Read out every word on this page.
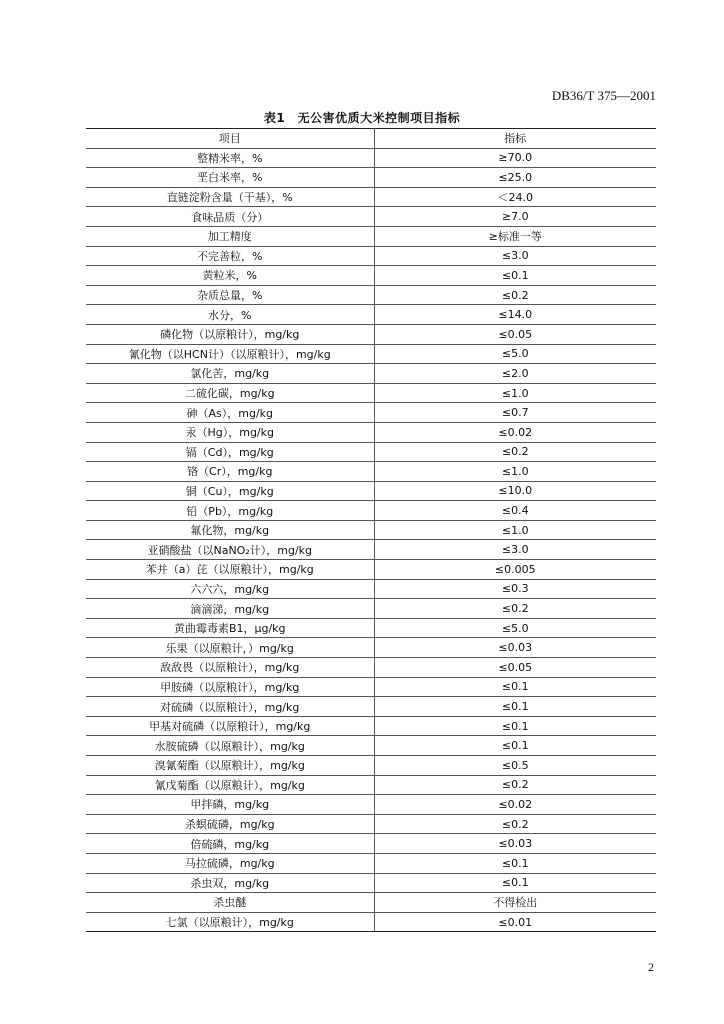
DB36/T 375—2001
表1　无公害优质大米控制项目指标
项目	指标
整精米率，%	≥70.0
垩白米率，%	≤25.0
直链淀粉含量（干基），%	＜24.0
食味品质（分）	≥7.0
加工精度	≥标准一等
不完善粒，%	≤3.0
黄粒米，%	≤0.1
杂质总量，%	≤0.2
水分，%	≤14.0
磷化物（以原粮计），mg/kg	≤0.05
氰化物（以HCN计）（以原粮计），mg/kg	≤5.0
氯化苦，mg/kg	≤2.0
二硫化碳，mg/kg	≤1.0
砷（As），mg/kg	≤0.7
汞（Hg），mg/kg	≤0.02
镉（Cd），mg/kg	≤0.2
铬（Cr），mg/kg	≤1.0
铜（Cu），mg/kg	≤10.0
铅（Pb），mg/kg	≤0.4
氟化物，mg/kg	≤1.0
亚硝酸盐（以NaNO₂计），mg/kg	≤3.0
苯并（a）芘（以原粮计），mg/kg	≤0.005
六六六，mg/kg	≤0.3
滴滴涕，mg/kg	≤0.2
黄曲霉毒素B1，μg/kg	≤5.0
乐果（以原粮计，）mg/kg	≤0.03
敌敌畏（以原粮计），mg/kg	≤0.05
甲胺磷（以原粮计），mg/kg	≤0.1
对硫磷（以原粮计），mg/kg	≤0.1
甲基对硫磷（以原粮计），mg/kg	≤0.1
水胺硫磷（以原粮计），mg/kg	≤0.1
溴氰菊酯（以原粮计），mg/kg	≤0.5
氰戊菊酯（以原粮计），mg/kg	≤0.2
甲拌磷，mg/kg	≤0.02
杀螟硫磷，mg/kg	≤0.2
倍硫磷，mg/kg	≤0.03
马拉硫磷，mg/kg	≤0.1
杀虫双，mg/kg	≤0.1
杀虫醚	不得检出
七氯（以原粮计），mg/kg	≤0.01
2
